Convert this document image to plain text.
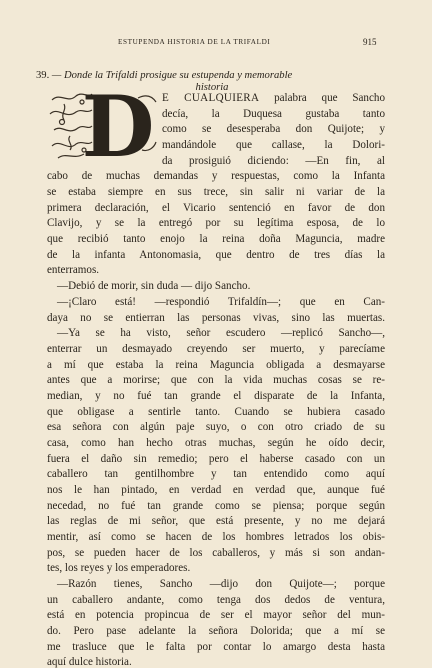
ESTUPENDA HISTORIA DE LA TRIFALDI	915
39. — Donde la Trifaldi prosigue su estupenda y memorable
historia
D E CUALQUIERA palabra que Sancho
decía, la Duquesa gustaba tanto
como se desesperaba don Quijote; y
mandándole que callase, la Dolori-
da prosiguió diciendo: —En fin, al
cabo de muchas demandas y respuestas, como la Infanta
se estaba siempre en sus trece, sin salir ni variar de la
primera declaración, el Vicario sentenció en favor de don
Clavijo, y se la entregó por su legítima esposa, de lo
que recibió tanto enojo la reina doña Maguncia, madre
de la infanta Antonomasia, que dentro de tres días la
enterramos.
—Debió de morir, sin duda — dijo Sancho.
—¡Claro está! —respondió Trifaldín—; que en Can-
daya no se entierran las personas vivas, sino las muertas.
—Ya se ha visto, señor escudero —replicó Sancho—,
enterrar un desmayado creyendo ser muerto, y parecíame
a mí que estaba la reina Maguncia obligada a desmayarse
antes que a morirse; que con la vida muchas cosas se re-
median, y no fué tan grande el disparate de la Infanta,
que obligase a sentirle tanto. Cuando se hubiera casado
esa señora con algún paje suyo, o con otro criado de su
casa, como han hecho otras muchas, según he oído decir,
fuera el daño sin remedio; pero el haberse casado con un
caballero tan gentilhombre y tan entendido como aquí
nos le han pintado, en verdad en verdad que, aunque fué
necedad, no fué tan grande como se piensa; porque según
las reglas de mi señor, que está presente, y no me dejará
mentir, así como se hacen de los hombres letrados los obis-
pos, se pueden hacer de los caballeros, y más si son andan-
tes, los reyes y los emperadores.
—Razón tienes, Sancho —dijo don Quijote—; porque
un caballero andante, como tenga dos dedos de ventura,
está en potencia propincua de ser el mayor señor del mun-
do. Pero pase adelante la señora Dolorida; que a mí se
me trasluce que le falta por contar lo amargo desta hasta
aquí dulce historia.
